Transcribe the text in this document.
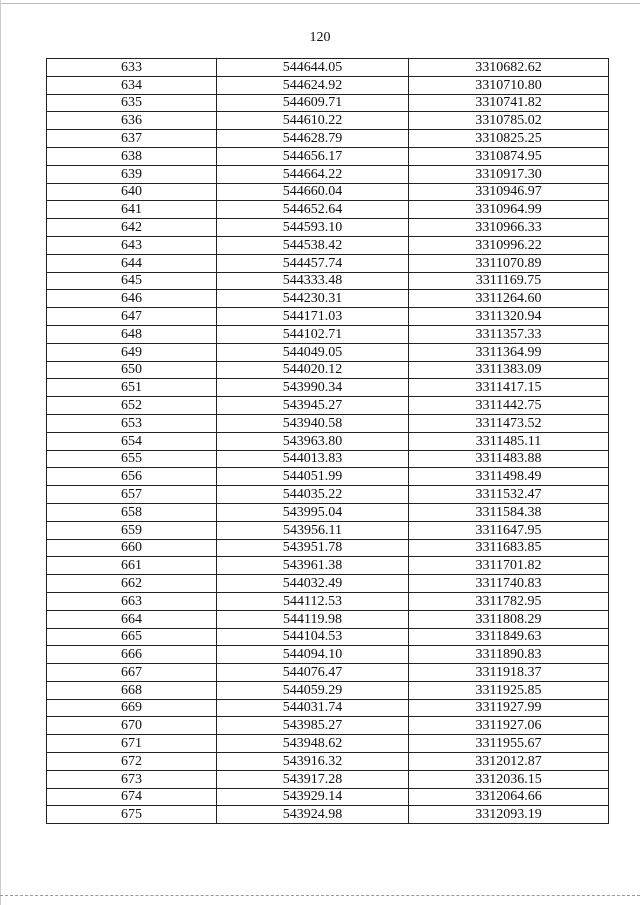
120
633	544644.05	3310682.62
634	544624.92	3310710.80
635	544609.71	3310741.82
636	544610.22	3310785.02
637	544628.79	3310825.25
638	544656.17	3310874.95
639	544664.22	3310917.30
640	544660.04	3310946.97
641	544652.64	3310964.99
642	544593.10	3310966.33
643	544538.42	3310996.22
644	544457.74	3311070.89
645	544333.48	3311169.75
646	544230.31	3311264.60
647	544171.03	3311320.94
648	544102.71	3311357.33
649	544049.05	3311364.99
650	544020.12	3311383.09
651	543990.34	3311417.15
652	543945.27	3311442.75
653	543940.58	3311473.52
654	543963.80	3311485.11
655	544013.83	3311483.88
656	544051.99	3311498.49
657	544035.22	3311532.47
658	543995.04	3311584.38
659	543956.11	3311647.95
660	543951.78	3311683.85
661	543961.38	3311701.82
662	544032.49	3311740.83
663	544112.53	3311782.95
664	544119.98	3311808.29
665	544104.53	3311849.63
666	544094.10	3311890.83
667	544076.47	3311918.37
668	544059.29	3311925.85
669	544031.74	3311927.99
670	543985.27	3311927.06
671	543948.62	3311955.67
672	543916.32	3312012.87
673	543917.28	3312036.15
674	543929.14	3312064.66
675	543924.98	3312093.19
